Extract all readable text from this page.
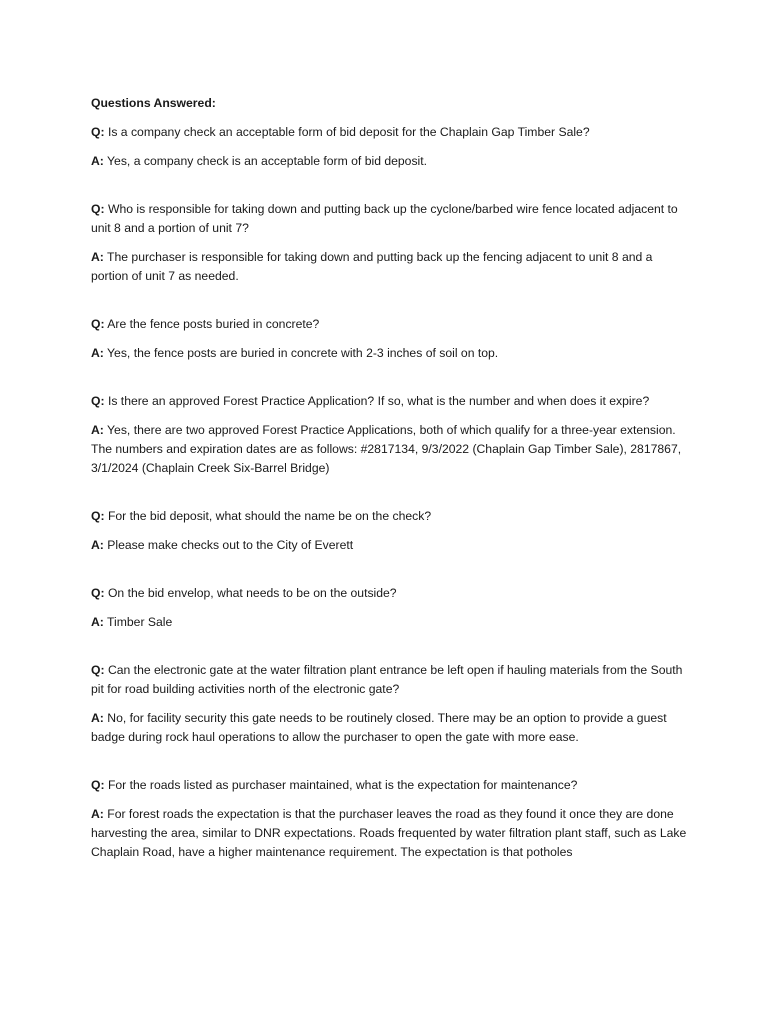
Questions Answered:

Q: Is a company check an acceptable form of bid deposit for the Chaplain Gap Timber Sale?

A: Yes, a company check is an acceptable form of bid deposit.

Q: Who is responsible for taking down and putting back up the cyclone/barbed wire fence located adjacent to unit 8 and a portion of unit 7?

A: The purchaser is responsible for taking down and putting back up the fencing adjacent to unit 8 and a portion of unit 7 as needed.

Q: Are the fence posts buried in concrete?

A: Yes, the fence posts are buried in concrete with 2-3 inches of soil on top.

Q: Is there an approved Forest Practice Application? If so, what is the number and when does it expire?

A: Yes, there are two approved Forest Practice Applications, both of which qualify for a three-year extension. The numbers and expiration dates are as follows: #2817134, 9/3/2022 (Chaplain Gap Timber Sale), 2817867, 3/1/2024 (Chaplain Creek Six-Barrel Bridge)

Q: For the bid deposit, what should the name be on the check?

A: Please make checks out to the City of Everett

Q: On the bid envelop, what needs to be on the outside?

A: Timber Sale

Q: Can the electronic gate at the water filtration plant entrance be left open if hauling materials from the South pit for road building activities north of the electronic gate?

A: No, for facility security this gate needs to be routinely closed. There may be an option to provide a guest badge during rock haul operations to allow the purchaser to open the gate with more ease.

Q: For the roads listed as purchaser maintained, what is the expectation for maintenance?

A: For forest roads the expectation is that the purchaser leaves the road as they found it once they are done harvesting the area, similar to DNR expectations. Roads frequented by water filtration plant staff, such as Lake Chaplain Road, have a higher maintenance requirement. The expectation is that potholes
